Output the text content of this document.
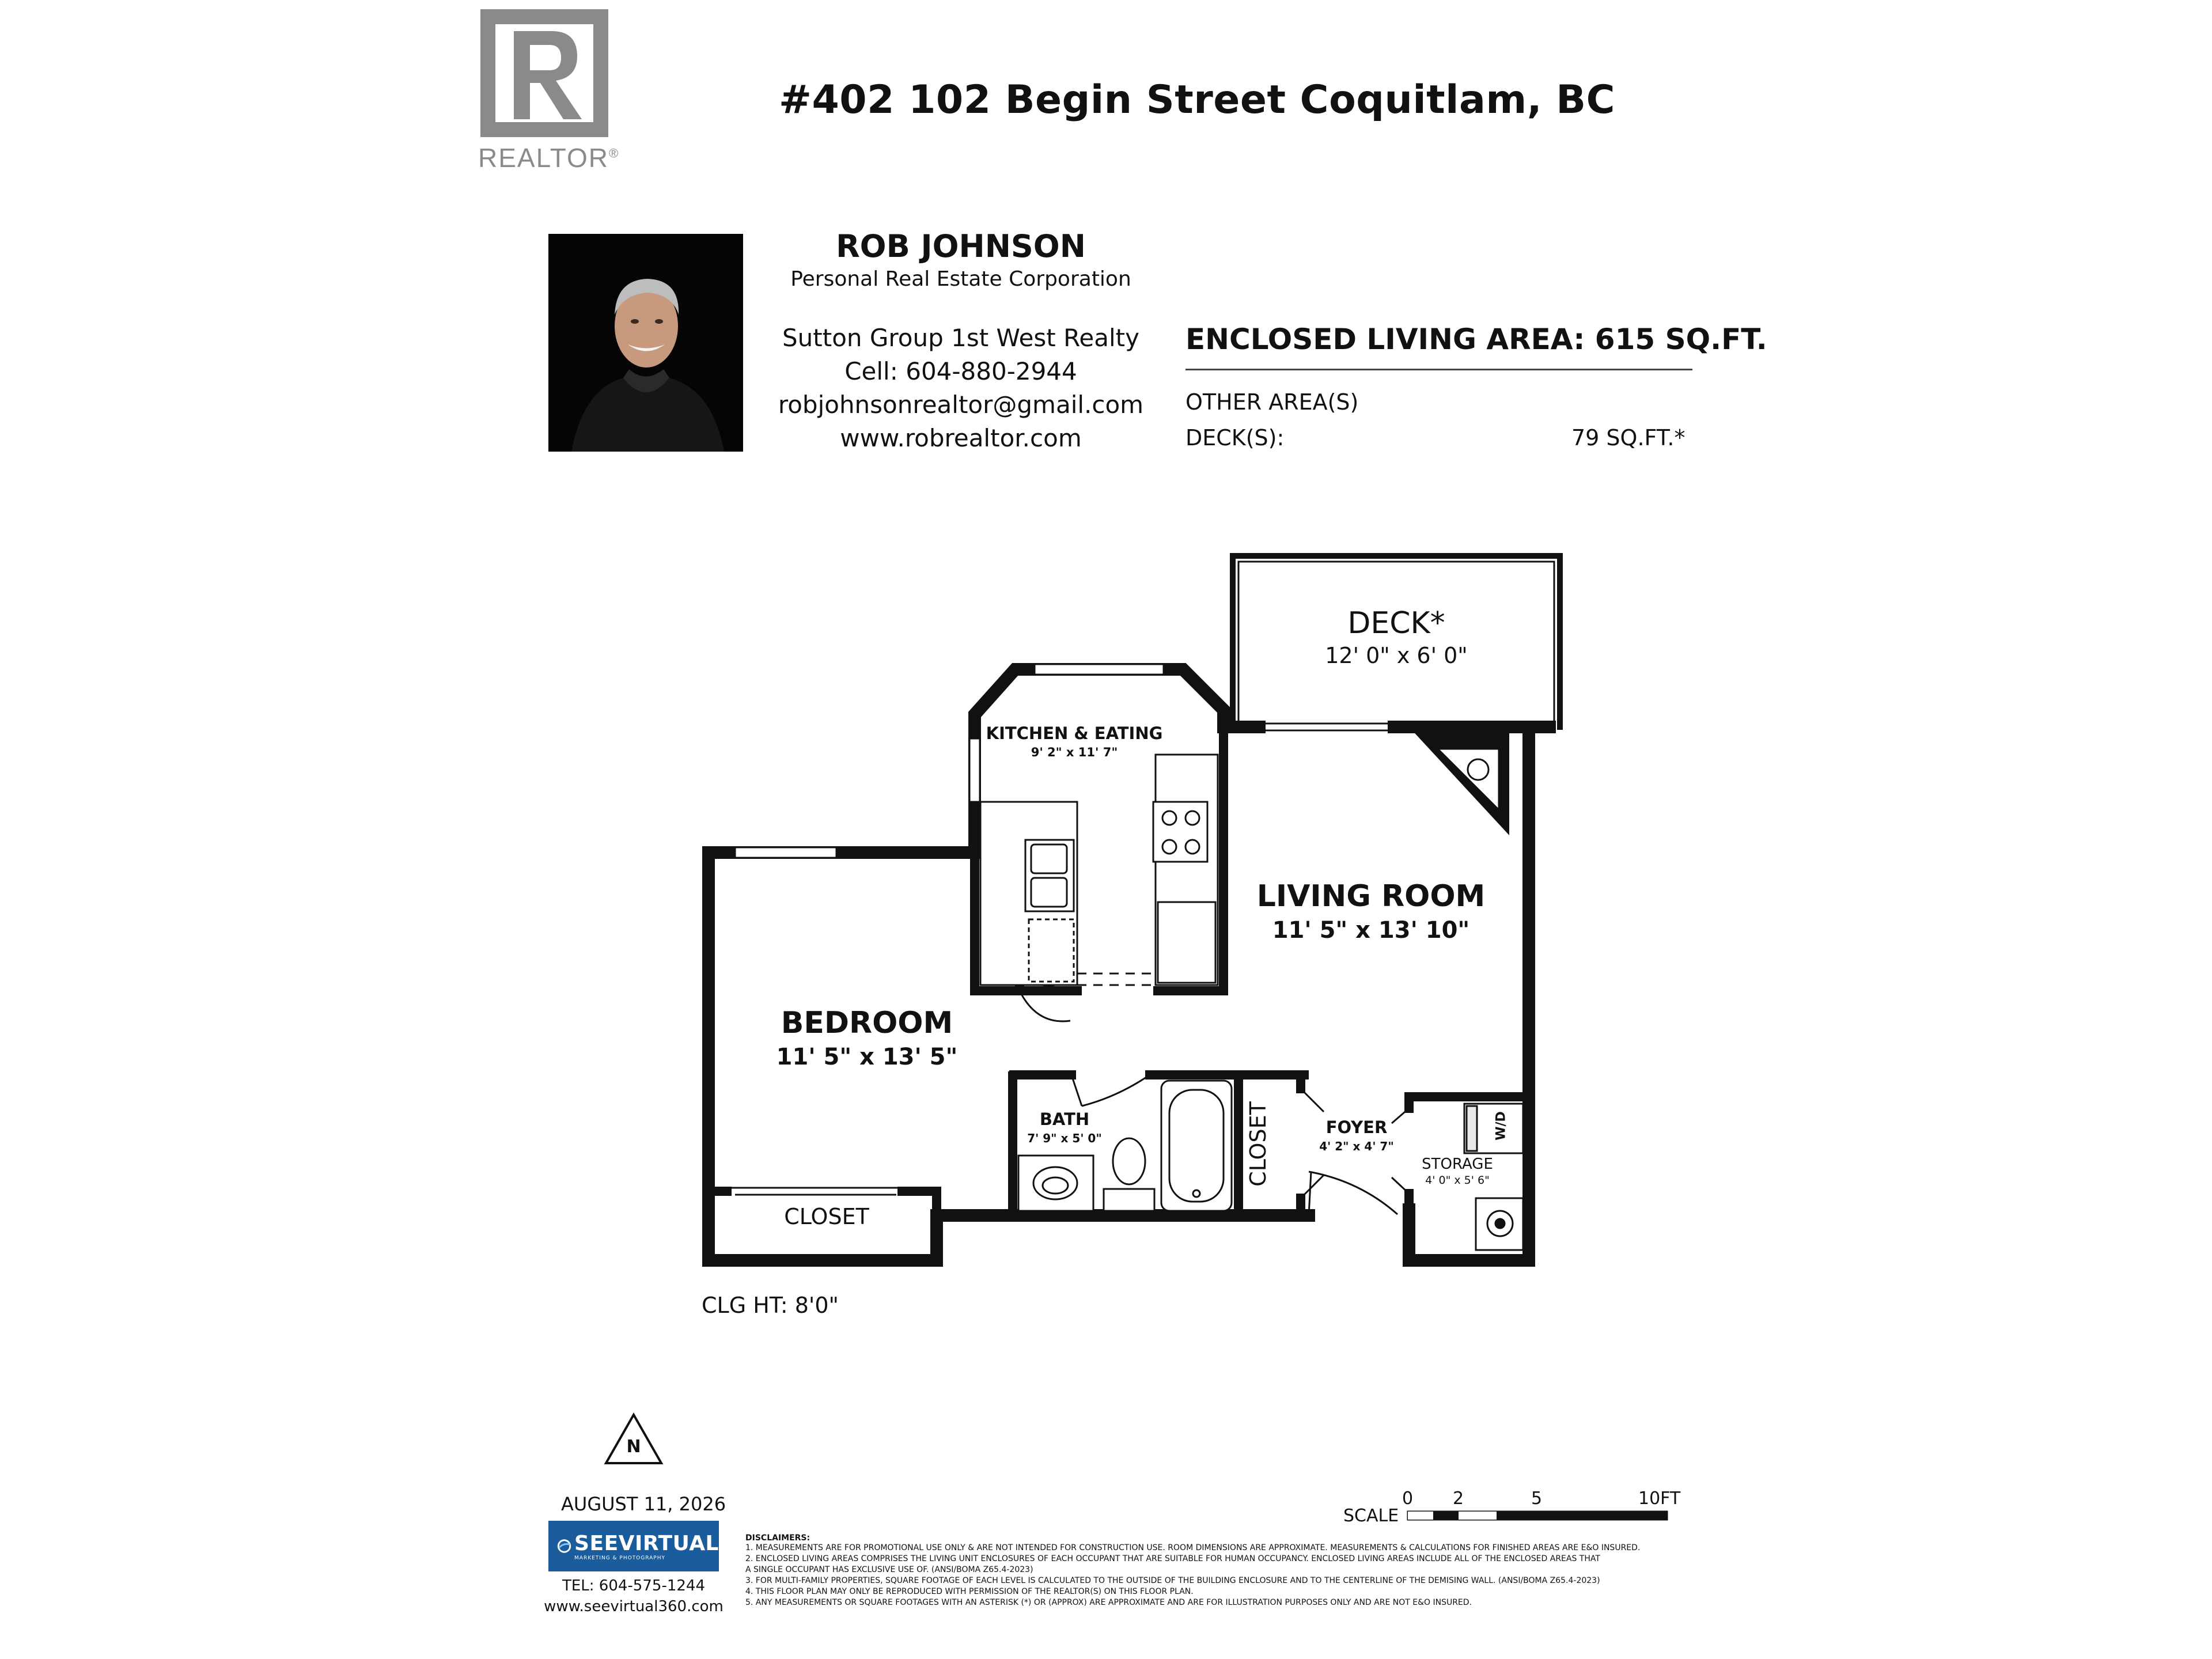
REALTOR®
#402 102 Begin Street Coquitlam, BC
ROB JOHNSON
Personal Real Estate Corporation
Sutton Group 1st West Realty
Cell: 604-880-2944
robjohnsonrealtor@gmail.com
www.robrealtor.com
ENCLOSED LIVING AREA: 615 SQ.FT.
OTHER AREA(S)
DECK(S):	79 SQ.FT.*
DECK*
12' 0" x 6' 0"
KITCHEN & EATING
9' 2" x 11' 7"
LIVING ROOM
11' 5" x 13' 10"
BEDROOM
11' 5" x 13' 5"
BATH
7' 9" x 5' 0"	CLOSET	FOYER
4' 2" x 4' 7"
STORAGE
4' 0" x 5' 6"
W/D
CLOSET
CLG HT: 8'0"
N
AUGUST 11, 2026
SEEVIRTUAL
MARKETING & PHOTOGRAPHY
TEL: 604-575-1244
www.seevirtual360.com
DISCLAIMERS:
1. MEASUREMENTS ARE FOR PROMOTIONAL USE ONLY & ARE NOT INTENDED FOR CONSTRUCTION USE. ROOM DIMENSIONS ARE APPROXIMATE. MEASUREMENTS & CALCULATIONS FOR FINISHED AREAS ARE E&O INSURED.
2. ENCLOSED LIVING AREAS COMPRISES THE LIVING UNIT ENCLOSURES OF EACH OCCUPANT THAT ARE SUITABLE FOR HUMAN OCCUPANCY. ENCLOSED LIVING AREAS INCLUDE ALL OF THE ENCLOSED AREAS THAT
A SINGLE OCCUPANT HAS EXCLUSIVE USE OF. (ANSI/BOMA Z65.4-2023)
3. FOR MULTI-FAMILY PROPERTIES, SQUARE FOOTAGE OF EACH LEVEL IS CALCULATED TO THE OUTSIDE OF THE BUILDING ENCLOSURE AND TO THE CENTERLINE OF THE DEMISING WALL. (ANSI/BOMA Z65.4-2023)
4. THIS FLOOR PLAN MAY ONLY BE REPRODUCED WITH PERMISSION OF THE REALTOR(S) ON THIS FLOOR PLAN.
5. ANY MEASUREMENTS OR SQUARE FOOTAGES WITH AN ASTERISK (*) OR (APPROX) ARE APPROXIMATE AND ARE FOR ILLUSTRATION PURPOSES ONLY AND ARE NOT E&O INSURED.
SCALE
0 2	5	10FT
